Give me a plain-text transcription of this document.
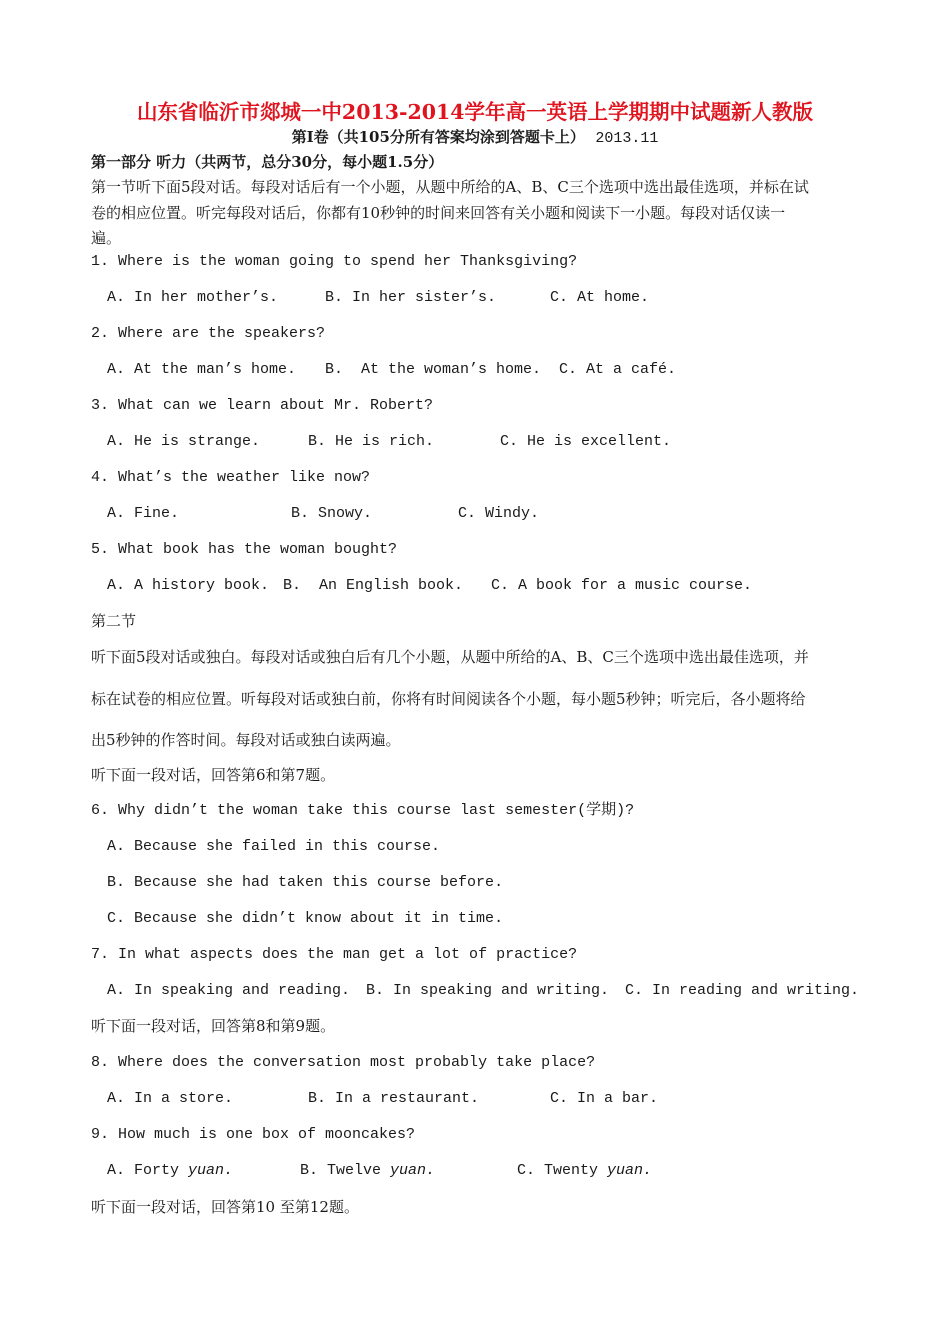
山东省临沂市郯城一中2013-2014学年高一英语上学期期中试题新人教版
第Ⅰ卷（共105分所有答案均涂到答题卡上） 2013.11
第一部分 听力（共两节，总分30分，每小题1.5分）
第一节听下面5段对话。每段对话后有一个小题，从题中所给的A、B、C三个选项中选出最佳选项，并标在试
卷的相应位置。听完每段对话后，你都有10秒钟的时间来回答有关小题和阅读下一小题。每段对话仅读一
遍。
1. Where is the woman going to spend her Thanksgiving?
A. In her mother’s.	B. In her sister’s.	C. At home.
2. Where are the speakers?
A. At the man’s home. B.  At the woman’s home. C. At a café.
3. What can we learn about Mr. Robert?
A. He is strange.	B. He is rich.	C. He is excellent.
4. What’s the weather like now?
A. Fine.	B. Snowy.	C. Windy.
5. What book has the woman bought?
A. A history book. B.  An English book. C. A book for a music course.
第二节
听下面5段对话或独白。每段对话或独白后有几个小题，从题中所给的A、B、C三个选项中选出最佳选项，并
标在试卷的相应位置。听每段对话或独白前，你将有时间阅读各个小题，每小题5秒钟；听完后，各小题将给
出5秒钟的作答时间。每段对话或独白读两遍。
听下面一段对话，回答第6和第7题。
6. Why didn’t the woman take this course last semester(学期)?
A. Because she failed in this course.
B. Because she had taken this course before.
C. Because she didn’t know about it in time.
7. In what aspects does the man get a lot of practice?
A. In speaking and reading. B. In speaking and writing. C. In reading and writing.
听下面一段对话，回答第8和第9题。
8. Where does the conversation most probably take place?
A. In a store.	B. In a restaurant.	C. In a bar.
9. How much is one box of mooncakes?
A. Forty yuan.	B. Twelve yuan.	C. Twenty yuan.
听下面一段对话，回答第10 至第12题。
